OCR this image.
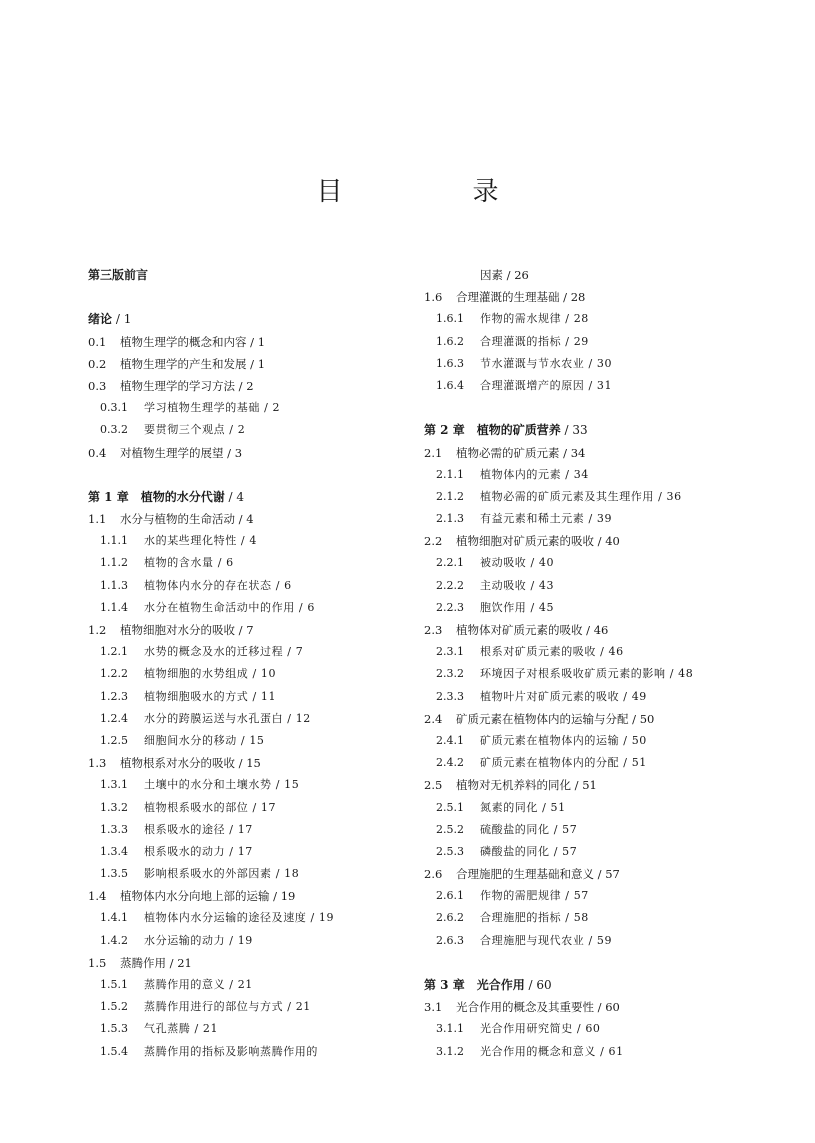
目　录
第三版前言
绪论 / 1
0.1 植物生理学的概念和内容 / 1
0.2 植物生理学的产生和发展 / 1
0.3 植物生理学的学习方法 / 2
0.3.1 学习植物生理学的基础 / 2
0.3.2 要贯彻三个观点 / 2
0.4 对植物生理学的展望 / 3
第 1 章　植物的水分代谢 / 4
1.1 水分与植物的生命活动 / 4
1.1.1 水的某些理化特性 / 4
1.1.2 植物的含水量 / 6
1.1.3 植物体内水分的存在状态 / 6
1.1.4 水分在植物生命活动中的作用 / 6
1.2 植物细胞对水分的吸收 / 7
1.2.1 水势的概念及水的迁移过程 / 7
1.2.2 植物细胞的水势组成 / 10
1.2.3 植物细胞吸水的方式 / 11
1.2.4 水分的跨膜运送与水孔蛋白 / 12
1.2.5 细胞间水分的移动 / 15
1.3 植物根系对水分的吸收 / 15
1.3.1 土壤中的水分和土壤水势 / 15
1.3.2 植物根系吸水的部位 / 17
1.3.3 根系吸水的途径 / 17
1.3.4 根系吸水的动力 / 17
1.3.5 影响根系吸水的外部因素 / 18
1.4 植物体内水分向地上部的运输 / 19
1.4.1 植物体内水分运输的途径及速度 / 19
1.4.2 水分运输的动力 / 19
1.5 蒸腾作用 / 21
1.5.1 蒸腾作用的意义 / 21
1.5.2 蒸腾作用进行的部位与方式 / 21
1.5.3 气孔蒸腾 / 21
1.5.4 蒸腾作用的指标及影响蒸腾作用的
因素 / 26
1.6 合理灌溉的生理基础 / 28
1.6.1 作物的需水规律 / 28
1.6.2 合理灌溉的指标 / 29
1.6.3 节水灌溉与节水农业 / 30
1.6.4 合理灌溉增产的原因 / 31
第 2 章　植物的矿质营养 / 33
2.1 植物必需的矿质元素 / 34
2.1.1 植物体内的元素 / 34
2.1.2 植物必需的矿质元素及其生理作用 / 36
2.1.3 有益元素和稀土元素 / 39
2.2 植物细胞对矿质元素的吸收 / 40
2.2.1 被动吸收 / 40
2.2.2 主动吸收 / 43
2.2.3 胞饮作用 / 45
2.3 植物体对矿质元素的吸收 / 46
2.3.1 根系对矿质元素的吸收 / 46
2.3.2 环境因子对根系吸收矿质元素的影响 / 48
2.3.3 植物叶片对矿质元素的吸收 / 49
2.4 矿质元素在植物体内的运输与分配 / 50
2.4.1 矿质元素在植物体内的运输 / 50
2.4.2 矿质元素在植物体内的分配 / 51
2.5 植物对无机养料的同化 / 51
2.5.1 氮素的同化 / 51
2.5.2 硫酸盐的同化 / 57
2.5.3 磷酸盐的同化 / 57
2.6 合理施肥的生理基础和意义 / 57
2.6.1 作物的需肥规律 / 57
2.6.2 合理施肥的指标 / 58
2.6.3 合理施肥与现代农业 / 59
第 3 章　光合作用 / 60
3.1 光合作用的概念及其重要性 / 60
3.1.1 光合作用研究简史 / 60
3.1.2 光合作用的概念和意义 / 61
